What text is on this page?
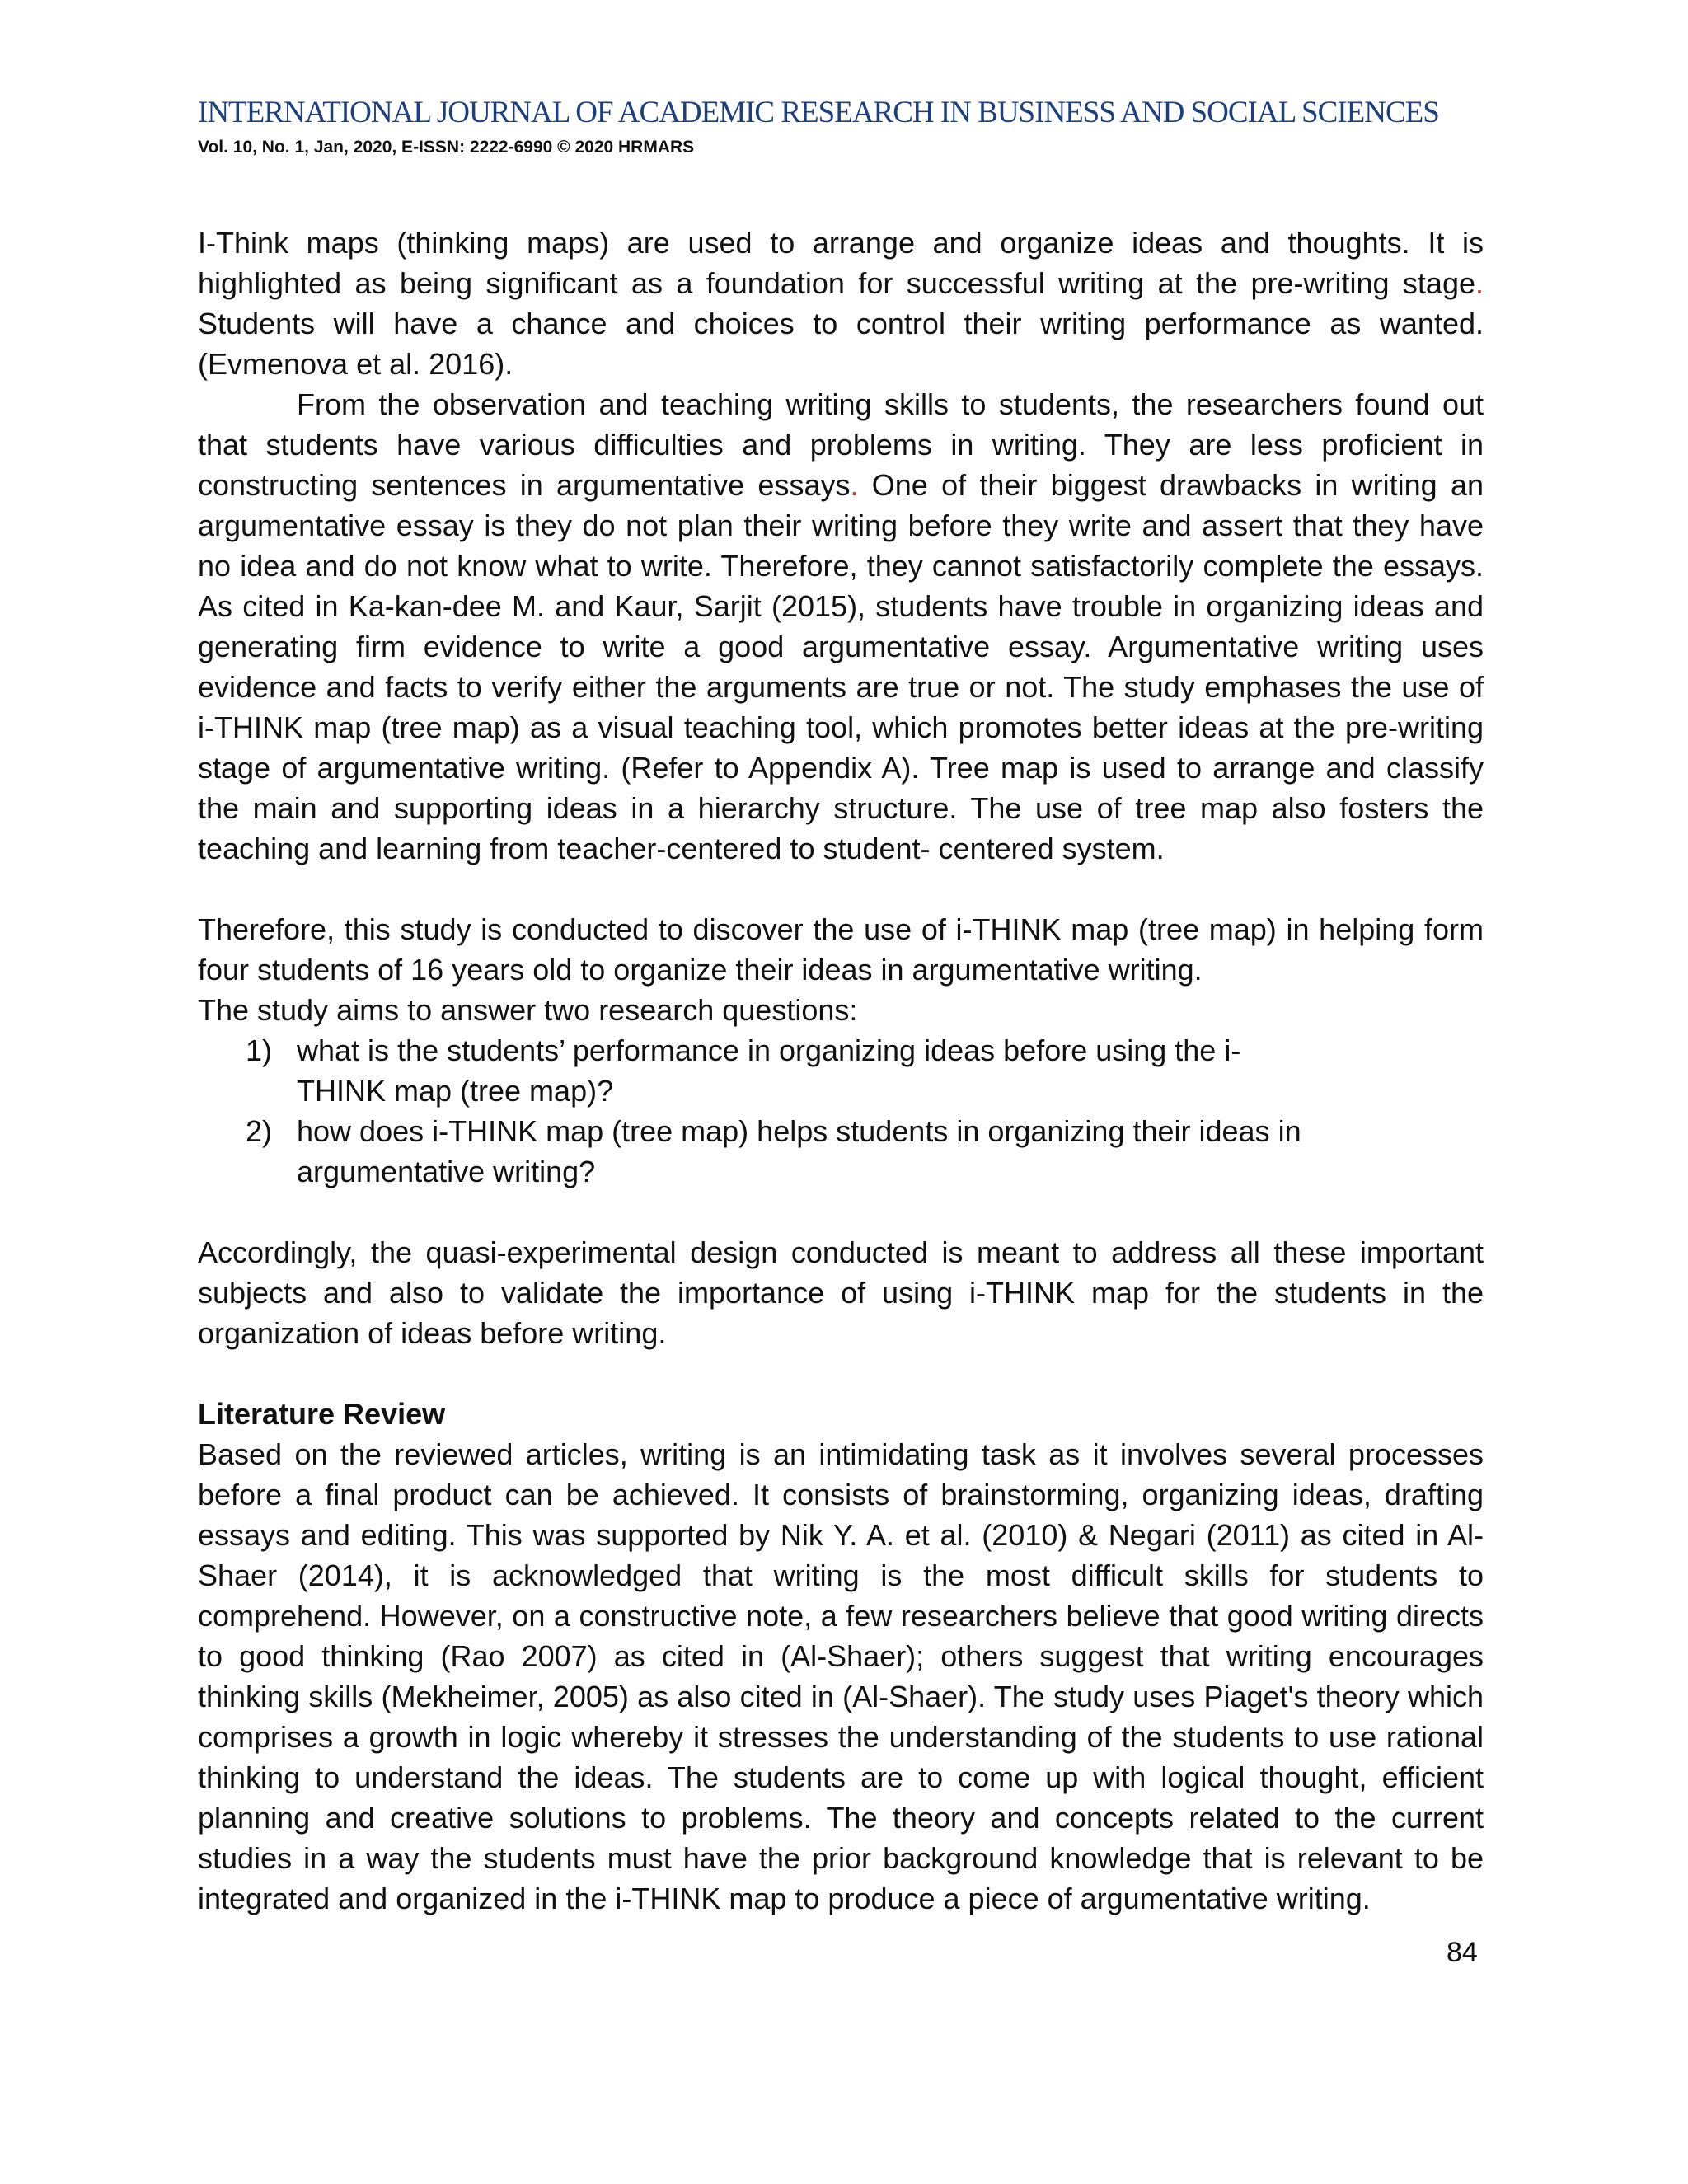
INTERNATIONAL JOURNAL OF ACADEMIC RESEARCH IN BUSINESS AND SOCIAL SCIENCES
Vol. 10, No. 1, Jan, 2020, E-ISSN: 2222-6990 © 2020 HRMARS

I-Think maps (thinking maps) are used to arrange and organize ideas and thoughts. It is highlighted as being significant as a foundation for successful writing at the pre-writing stage. Students will have a chance and choices to control their writing performance as wanted. (Evmenova et al. 2016).

From the observation and teaching writing skills to students, the researchers found out that students have various difficulties and problems in writing. They are less proficient in constructing sentences in argumentative essays. One of their biggest drawbacks in writing an argumentative essay is they do not plan their writing before they write and assert that they have no idea and do not know what to write. Therefore, they cannot satisfactorily complete the essays. As cited in Ka-kan-dee M. and Kaur, Sarjit (2015), students have trouble in organizing ideas and generating firm evidence to write a good argumentative essay. Argumentative writing uses evidence and facts to verify either the arguments are true or not. The study emphases the use of i-THINK map (tree map) as a visual teaching tool, which promotes better ideas at the pre-writing stage of argumentative writing. (Refer to Appendix A). Tree map is used to arrange and classify the main and supporting ideas in a hierarchy structure. The use of tree map also fosters the teaching and learning from teacher-centered to student- centered system.

Therefore, this study is conducted to discover the use of i-THINK map (tree map) in helping form four students of 16 years old to organize their ideas in argumentative writing.

The study aims to answer two research questions:

1) what is the students’ performance in organizing ideas before using the i-THINK map (tree map)?
2) how does i-THINK map (tree map) helps students in organizing their ideas in argumentative writing?

Accordingly, the quasi-experimental design conducted is meant to address all these important subjects and also to validate the importance of using i-THINK map for the students in the organization of ideas before writing.

Literature Review

Based on the reviewed articles, writing is an intimidating task as it involves several processes before a final product can be achieved. It consists of brainstorming, organizing ideas, drafting essays and editing. This was supported by Nik Y. A. et al. (2010) & Negari (2011) as cited in Al-Shaer (2014), it is acknowledged that writing is the most difficult skills for students to comprehend. However, on a constructive note, a few researchers believe that good writing directs to good thinking (Rao 2007) as cited in (Al-Shaer); others suggest that writing encourages thinking skills (Mekheimer, 2005) as also cited in (Al-Shaer). The study uses Piaget's theory which comprises a growth in logic whereby it stresses the understanding of the students to use rational thinking to understand the ideas. The students are to come up with logical thought, efficient planning and creative solutions to problems. The theory and concepts related to the current studies in a way the students must have the prior background knowledge that is relevant to be integrated and organized in the i-THINK map to produce a piece of argumentative writing.

84
